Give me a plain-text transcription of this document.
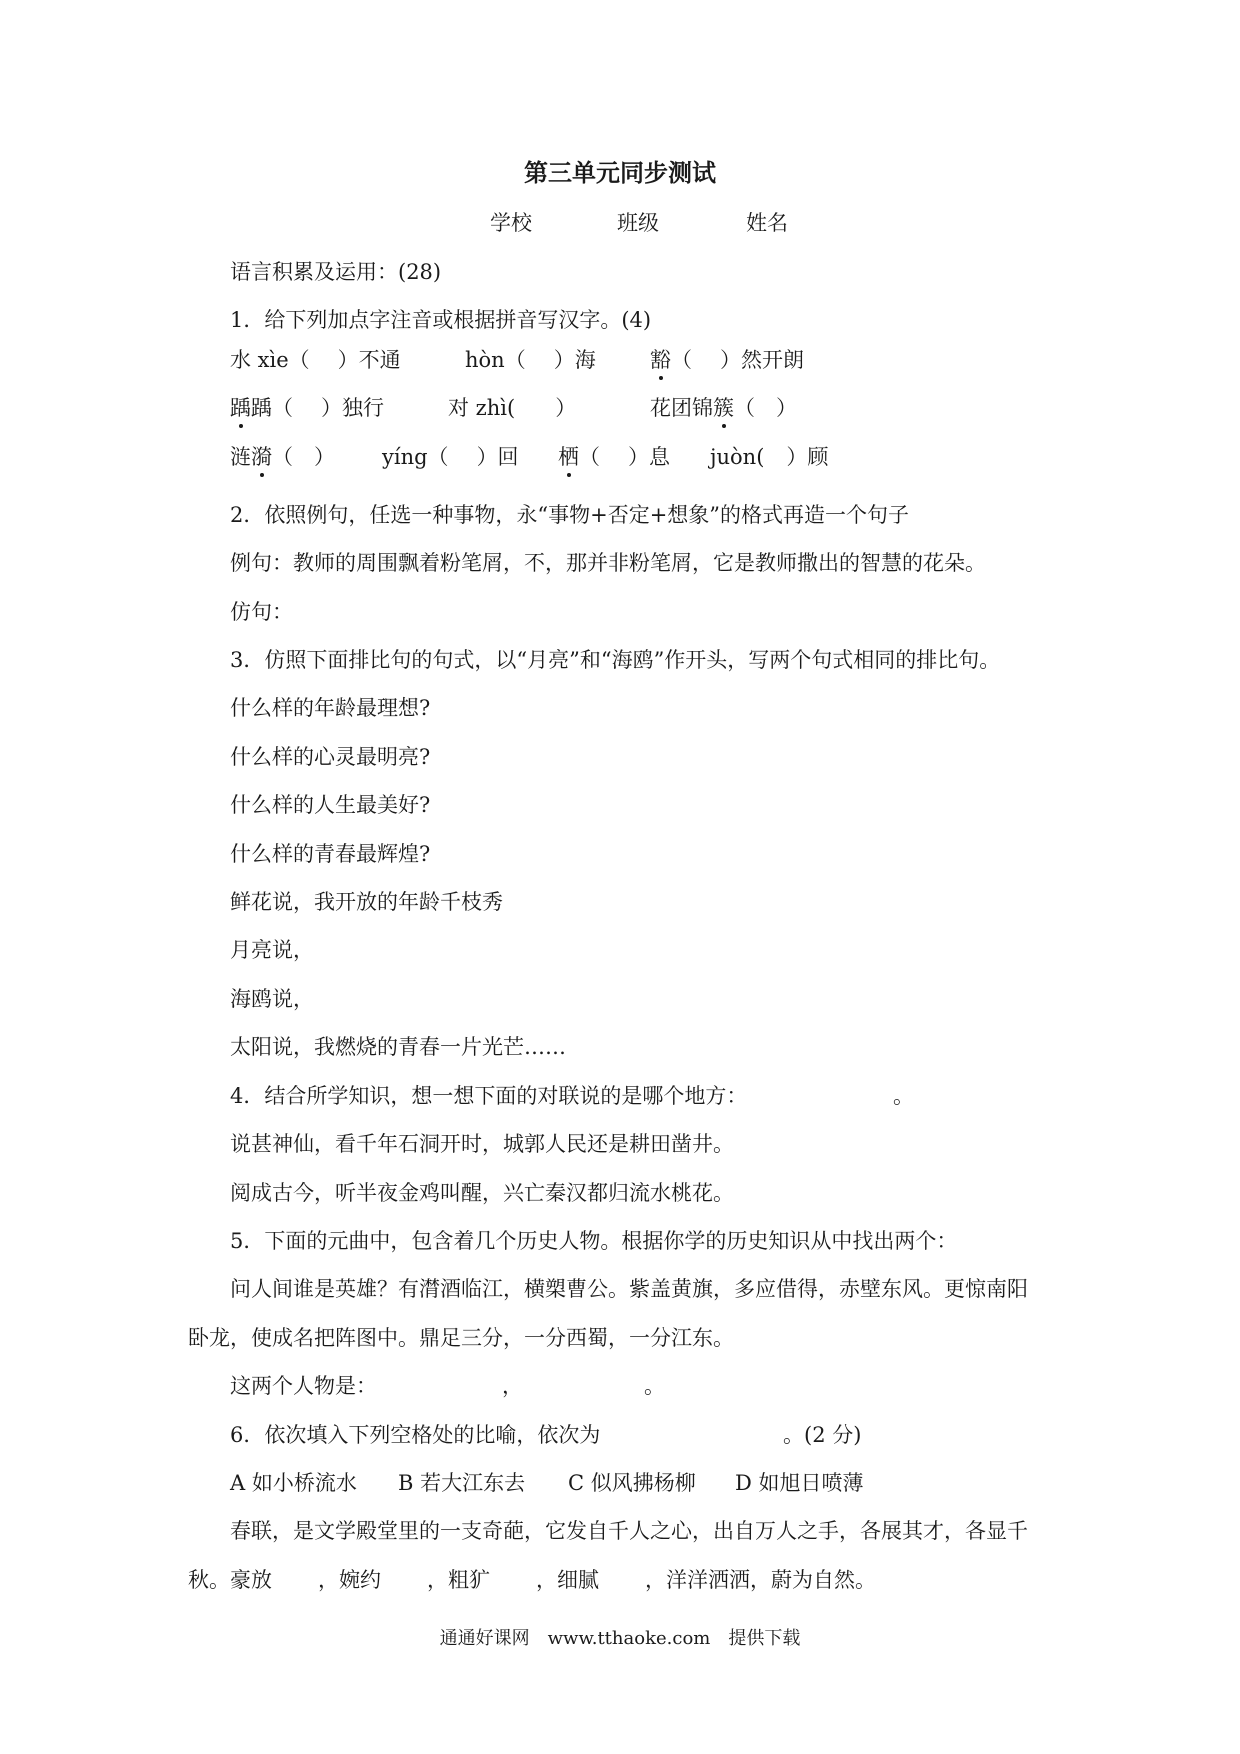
第三单元同步测试
学校	班级	姓名
语言积累及运用：(28)
1．给下列加点字注音或根据拼音写汉字。(4)
水 xìe（ ）不通	hòn（ ）海	豁（ ）然开朗
踽踽（ ）独行	对 zhì( ）	花团锦簇（　）
涟漪（　） yíng（ ）回 栖（ ）息 juòn( ）顾
2．依照例句，任选一种事物，永“事物+否定+想象”的格式再造一个句子
例句：教师的周围飘着粉笔屑，不，那并非粉笔屑，它是教师撒出的智慧的花朵。
仿句：
3．仿照下面排比句的句式，以“月亮”和“海鸥”作开头，写两个句式相同的排比句。
什么样的年龄最理想?
什么样的心灵最明亮?
什么样的人生最美好?
什么样的青春最辉煌?
鲜花说，我开放的年龄千枝秀
月亮说，
海鸥说，
太阳说，我燃烧的青春一片光芒……
4．结合所学知识，想一想下面的对联说的是哪个地方：	。
说甚神仙，看千年石洞开时，城郭人民还是耕田凿井。
阅成古今，听半夜金鸡叫醒，兴亡秦汉都归流水桃花。
5．下面的元曲中，包含着几个历史人物。根据你学的历史知识从中找出两个：
问人间谁是英雄？有潸酒临江，横槊曹公。紫盖黄旗，多应借得，赤壁东风。更惊南阳
卧龙，使成名把阵图中。鼎足三分，一分西蜀，一分江东。
这两个人物是：	，	。
6．依次填入下列空格处的比喻，依次为	。(2 分)
A 如小桥流水 B 若大江东去 C 似风拂杨柳 D 如旭日喷薄
春联，是文学殿堂里的一支奇葩，它发自千人之心，出自万人之手，各展其才，各显千
秋。豪放 ，婉约 ，粗犷 ，细腻 ，洋洋洒洒，蔚为自然。
通通好课网　www.tthaoke.com　提供下载
